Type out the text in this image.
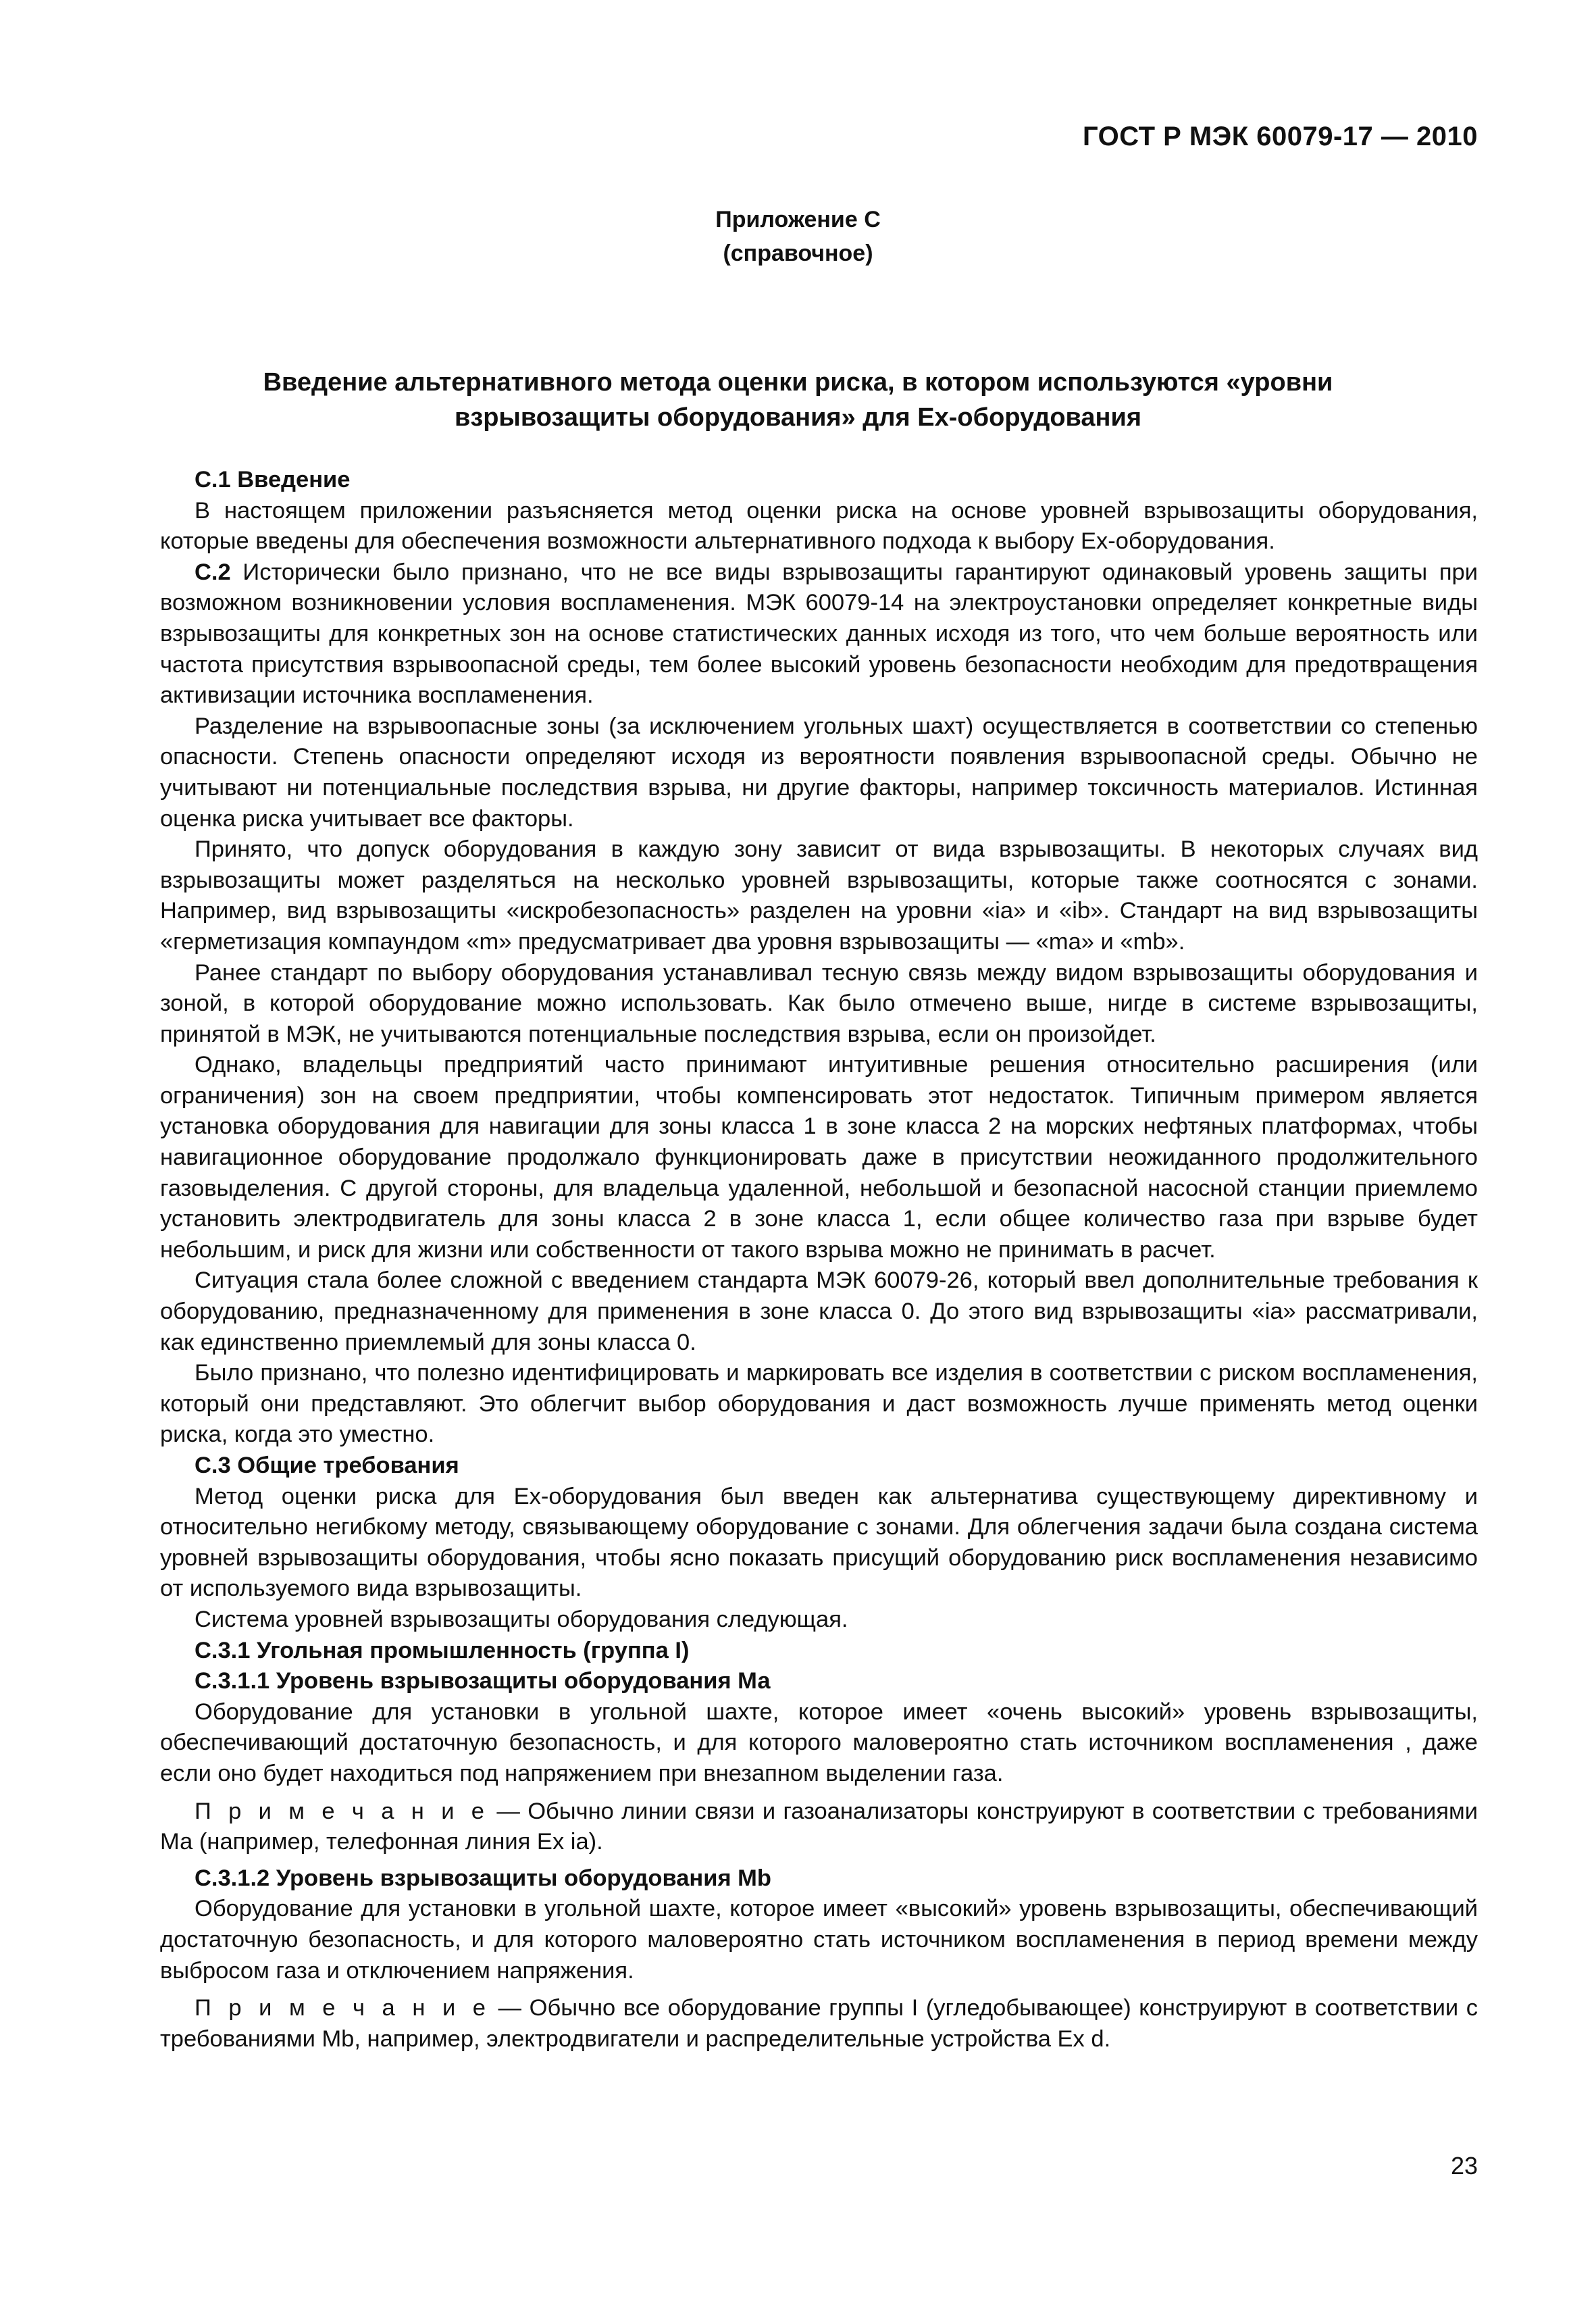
ГОСТ Р МЭК 60079-17 — 2010
Приложение С
(справочное)
Введение альтернативного метода оценки риска, в котором используются «уровни
взрывозащиты оборудования» для Ex-оборудования
С.1 Введение

В настоящем приложении разъясняется метод оценки риска на основе уровней взрывозащиты оборудования, которые введены для обеспечения возможности альтернативного подхода к выбору Ex-оборудования.

С.2 Исторически было признано, что не все виды взрывозащиты гарантируют одинаковый уровень защиты при возможном возникновении условия воспламенения. МЭК 60079-14 на электроустановки определяет конкретные виды взрывозащиты для конкретных зон на основе статистических данных исходя из того, что чем больше вероятность или частота присутствия взрывоопасной среды, тем более высокий уровень безопасности необходим для предотвращения активизации источника воспламенения.

Разделение на взрывоопасные зоны (за исключением угольных шахт) осуществляется в соответствии со степенью опасности. Степень опасности определяют исходя из вероятности появления взрывоопасной среды. Обычно не учитывают ни потенциальные последствия взрыва, ни другие факторы, например токсичность материалов. Истинная оценка риска учитывает все факторы.

Принято, что допуск оборудования в каждую зону зависит от вида взрывозащиты. В некоторых случаях вид взрывозащиты может разделяться на несколько уровней взрывозащиты, которые также соотносятся с зонами. Например, вид взрывозащиты «искробезопасность» разделен на уровни «ia» и «ib». Стандарт на вид взрывозащиты «герметизация компаундом «m» предусматривает два уровня взрывозащиты — «ma» и «mb».

Ранее стандарт по выбору оборудования устанавливал тесную связь между видом взрывозащиты оборудования и зоной, в которой оборудование можно использовать. Как было отмечено выше, нигде в системе взрывозащиты, принятой в МЭК, не учитываются потенциальные последствия взрыва, если он произойдет.

Однако, владельцы предприятий часто принимают интуитивные решения относительно расширения (или ограничения) зон на своем предприятии, чтобы компенсировать этот недостаток. Типичным примером является установка оборудования для навигации для зоны класса 1 в зоне класса 2 на морских нефтяных платформах, чтобы навигационное оборудование продолжало функционировать даже в присутствии неожиданного продолжительного газовыделения. С другой стороны, для владельца удаленной, небольшой и безопасной насосной станции приемлемо установить электродвигатель для зоны класса 2 в зоне класса 1, если общее количество газа при взрыве будет небольшим, и риск для жизни или собственности от такого взрыва можно не принимать в расчет.

Ситуация стала более сложной с введением стандарта МЭК 60079-26, который ввел дополнительные требования к оборудованию, предназначенному для применения в зоне класса 0. До этого вид взрывозащиты «ia» рассматривали, как единственно приемлемый для зоны класса 0.

Было признано, что полезно идентифицировать и маркировать все изделия в соответствии с риском воспламенения, который они представляют. Это облегчит выбор оборудования и даст возможность лучше применять метод оценки риска, когда это уместно.

С.3 Общие требования

Метод оценки риска для Ex-оборудования был введен как альтернатива существующему директивному и относительно негибкому методу, связывающему оборудование с зонами. Для облегчения задачи была создана система уровней взрывозащиты оборудования, чтобы ясно показать присущий оборудованию риск воспламенения независимо от используемого вида взрывозащиты.

Система уровней взрывозащиты оборудования следующая.

С.3.1 Угольная промышленность (группа I)
С.3.1.1 Уровень взрывозащиты оборудования Ма

Оборудование для установки в угольной шахте, которое имеет «очень высокий» уровень взрывозащиты, обеспечивающий достаточную безопасность, и для которого маловероятно стать источником воспламенения , даже если оно будет находиться под напряжением при внезапном выделении газа.

П р и м е ч а н и е — Обычно линии связи и газоанализаторы конструируют в соответствии с требованиями Ма (например, телефонная линия Ex ia).

С.3.1.2 Уровень взрывозащиты оборудования Mb

Оборудование для установки в угольной шахте, которое имеет «высокий» уровень взрывозащиты, обеспечивающий достаточную безопасность, и для которого маловероятно стать источником воспламенения в период времени между выбросом газа и отключением напряжения.

П р и м е ч а н и е — Обычно все оборудование группы I (угледобывающее) конструируют в соответствии с требованиями Mb, например, электродвигатели и распределительные устройства Ex d.

23
